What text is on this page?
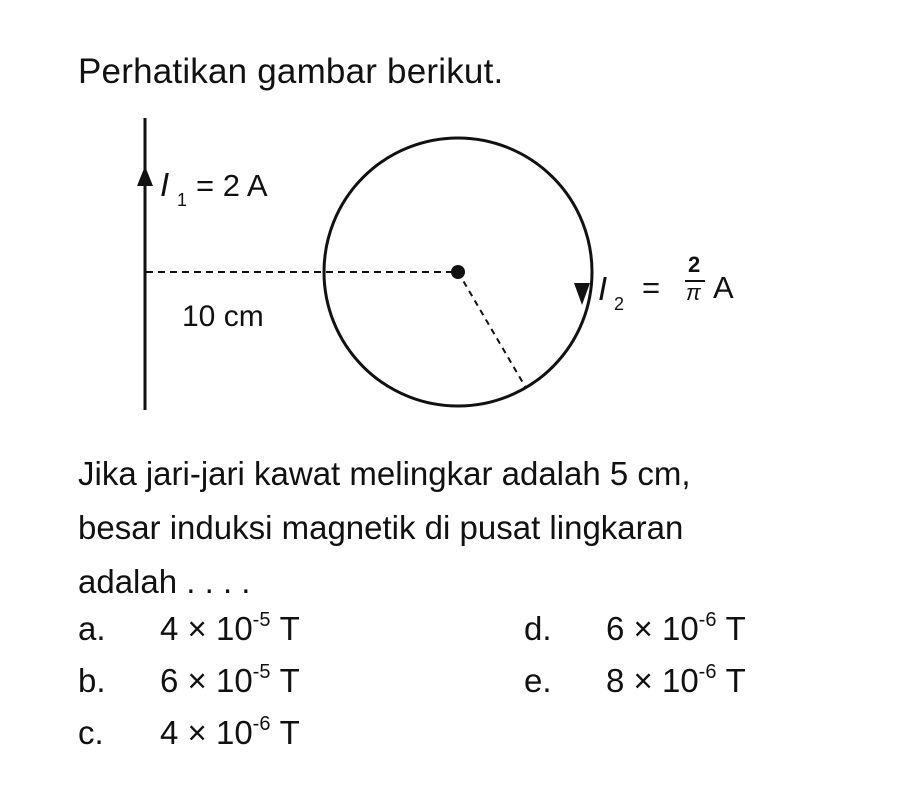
Perhatikan gambar berikut.
I 1 = 2 A
10 cm
I 2 =
2
π A
Jika jari-jari kawat melingkar adalah 5 cm,
besar induksi magnetik di pusat lingkaran
adalah . . . .
a. $4 \times 10^{-5}$ T
b. $6 \times 10^{-5}$ T
c. $4 \times 10^{-6}$ T
d. $6 \times 10^{-6}$ T
e. $8 \times 10^{-6}$ T
